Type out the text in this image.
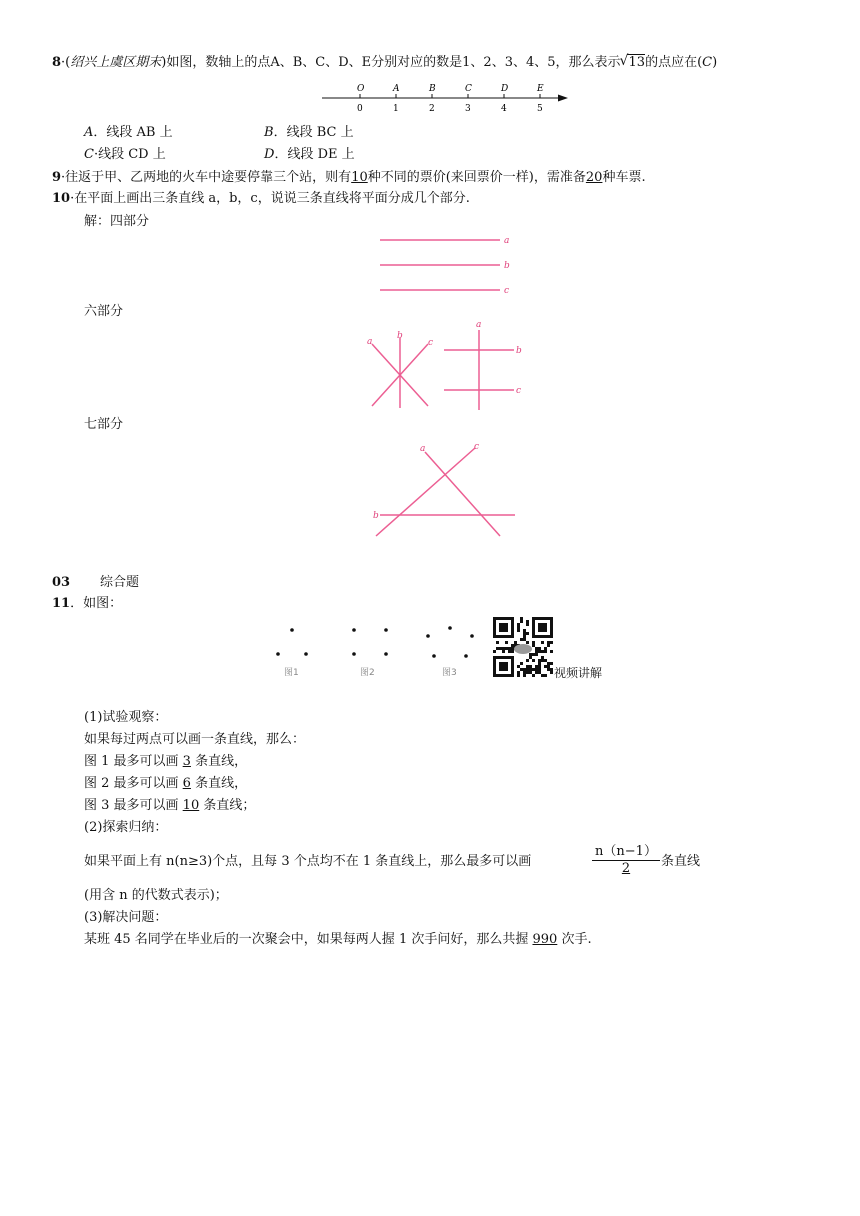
8·(绍兴上虞区期末)如图，数轴上的点A、B、C、D、E分别对应的数是1、2、3、4、5，那么表示 √ 13的点应在(C)
O
0
A
1
B
2
C
3
D
4
E
5
A．线段 AB 上	B．线段 BC 上
C·线段 CD 上	D．线段 DE 上
9·往返于甲、乙两地的火车中途要停靠三个站，则有10种不同的票价(来回票价一样)，需准备20种车票.
10·在平面上画出三条直线 a，b，c，说说三条直线将平面分成几个部分.
解：四部分
a
b
c
六部分
a
b
c
a
b
c
七部分
a
b
c
03 综合题
11．如图：
图1	图2	图3	视频讲解
(1)试验观察：
如果每过两点可以画一条直线，那么：
图 1 最多可以画 3 条直线，
图 2 最多可以画 6 条直线，
图 3 最多可以画 10 条直线；
(2)探索归纳：
如果平面上有 n(n≥3)个点，且每 3 个点均不在 1 条直线上，那么最多可以画	$\frac{n(n-1)}{2}$ 条直线
(用含 n 的代数式表示)；
(3)解决问题：
某班 45 名同学在毕业后的一次聚会中，如果每两人握 1 次手问好，那么共握 990 次手.
